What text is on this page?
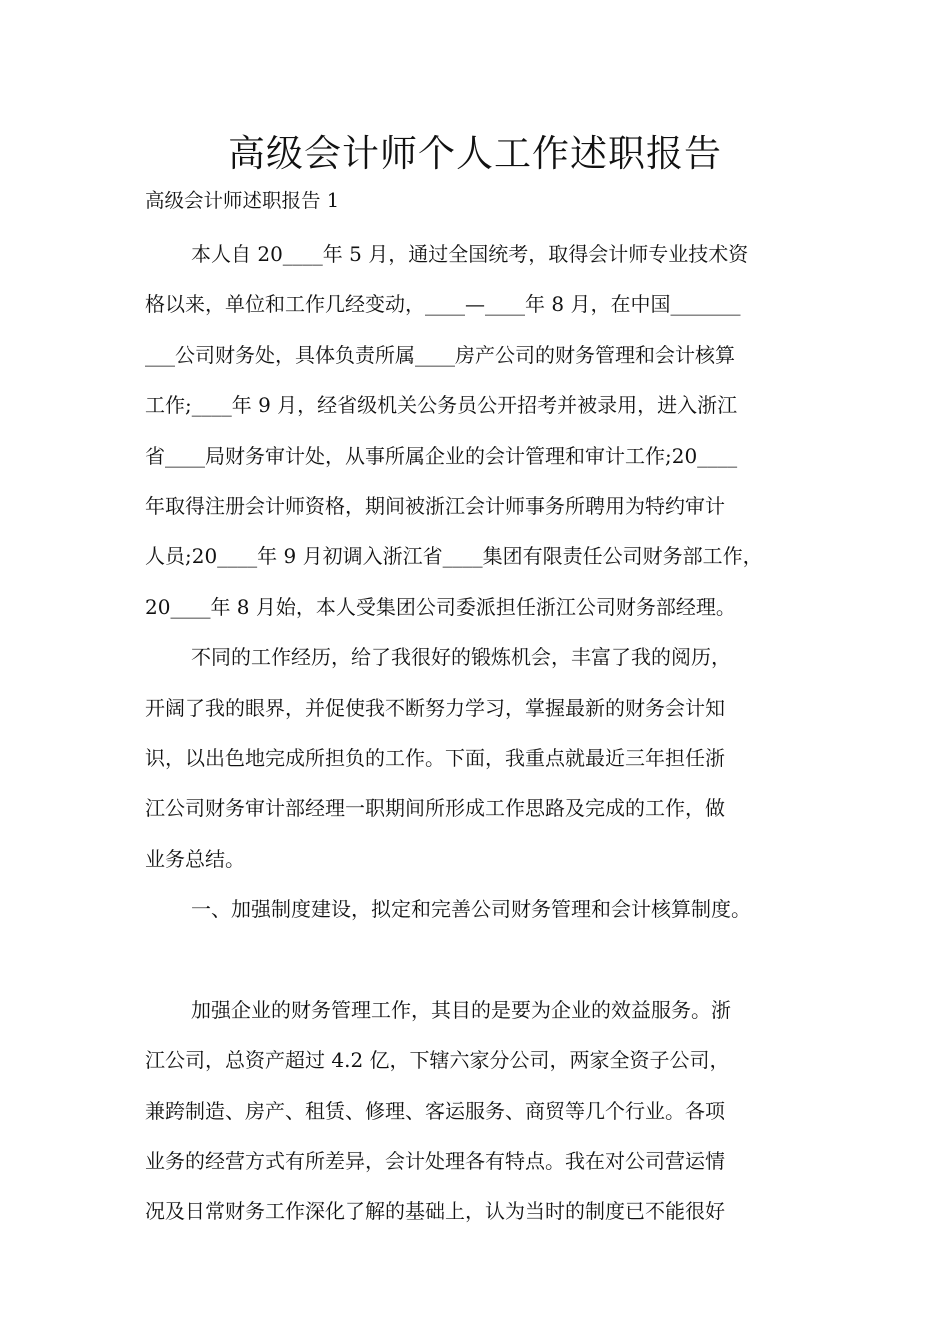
高级会计师个人工作述职报告
高级会计师述职报告 1
本人自 20____年 5 月，通过全国统考，取得会计师专业技术资
格以来，单位和工作几经变动，____—____年 8 月，在中国_______
___公司财务处，具体负责所属____房产公司的财务管理和会计核算
工作;____年 9 月，经省级机关公务员公开招考并被录用，进入浙江
省____局财务审计处，从事所属企业的会计管理和审计工作;20____
年取得注册会计师资格，期间被浙江会计师事务所聘用为特约审计
人员;20____年 9 月初调入浙江省____集团有限责任公司财务部工作，
20____年 8 月始，本人受集团公司委派担任浙江公司财务部经理。
不同的工作经历，给了我很好的锻炼机会，丰富了我的阅历，
开阔了我的眼界，并促使我不断努力学习，掌握最新的财务会计知
识，以出色地完成所担负的工作。下面，我重点就最近三年担任浙
江公司财务审计部经理一职期间所形成工作思路及完成的工作，做
业务总结。
一、加强制度建设，拟定和完善公司财务管理和会计核算制度。
加强企业的财务管理工作，其目的是要为企业的效益服务。浙
江公司，总资产超过 4.2 亿，下辖六家分公司，两家全资子公司，
兼跨制造、房产、租赁、修理、客运服务、商贸等几个行业。各项
业务的经营方式有所差异，会计处理各有特点。我在对公司营运情
况及日常财务工作深化了解的基础上，认为当时的制度已不能很好
